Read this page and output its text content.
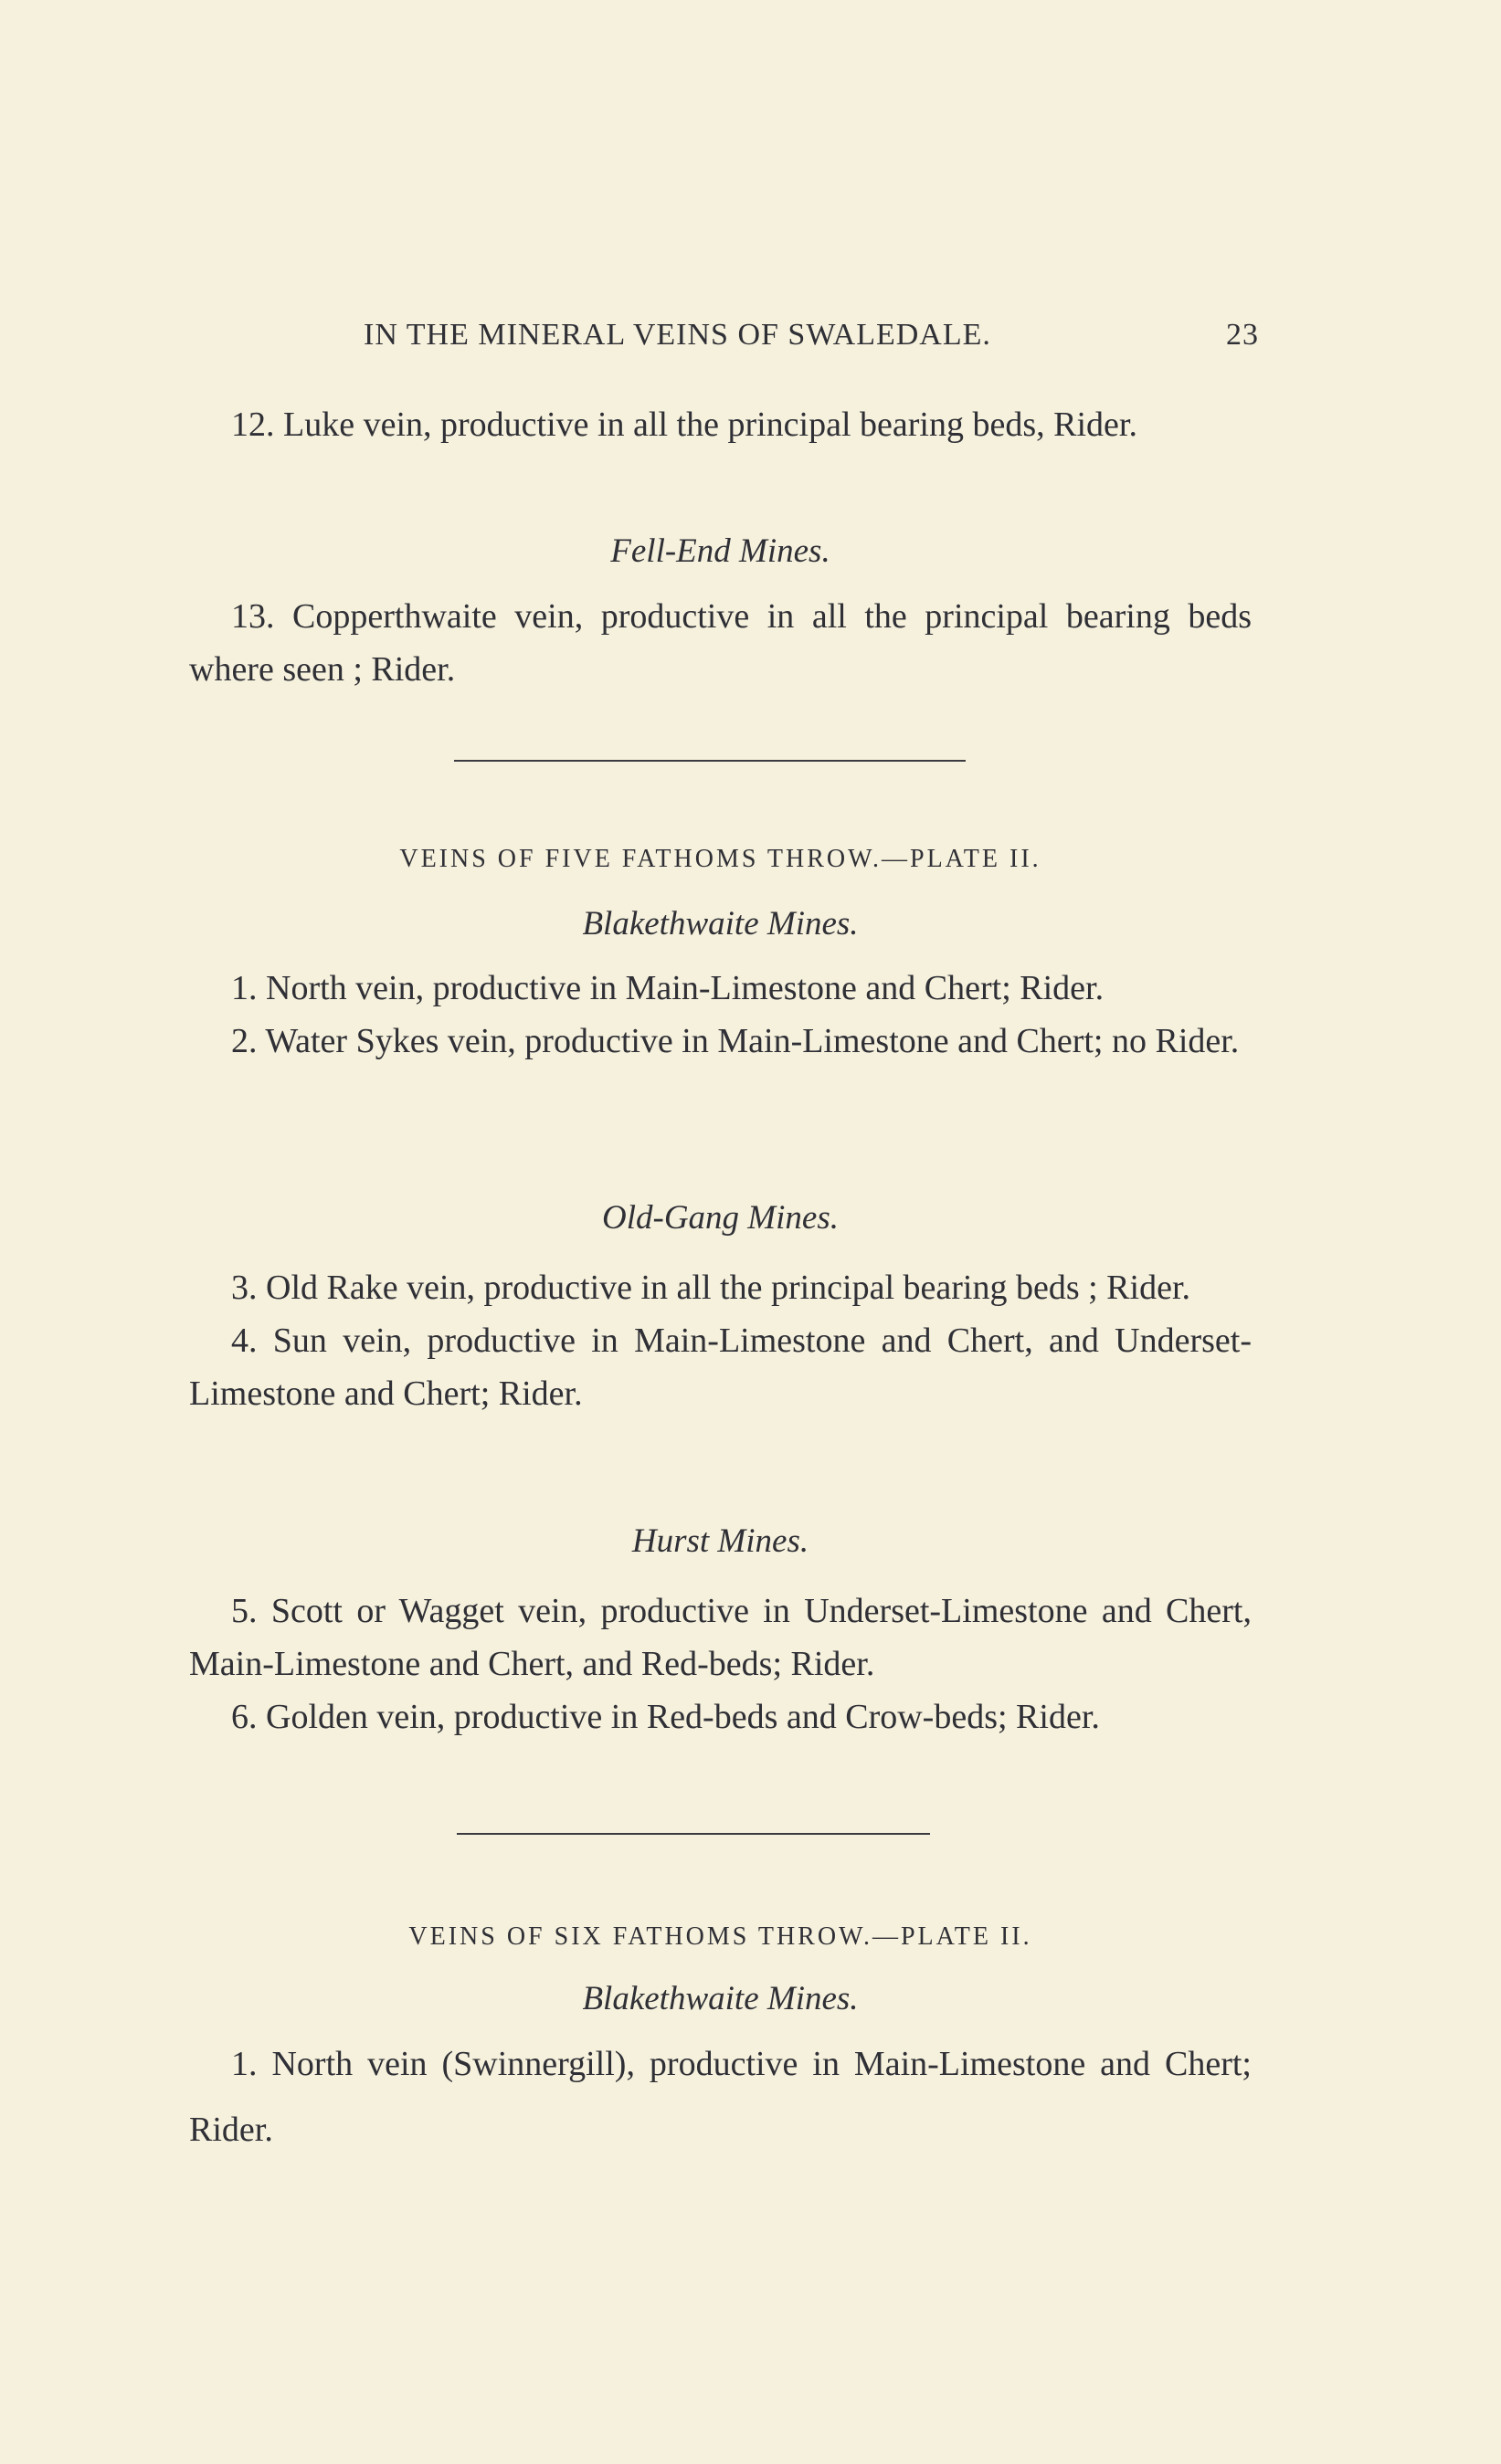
IN THE MINERAL VEINS OF SWALEDALE.	23

12. Luke vein, productive in all the principal bearing beds, Rider.

Fell-End Mines.

13. Copperthwaite vein, productive in all the principal bearing beds where seen ; Rider.

VEINS OF FIVE FATHOMS THROW.—PLATE II.
Blakethwaite Mines.

1. North vein, productive in Main-Limestone and Chert; Rider.

2. Water Sykes vein, productive in Main-Limestone and Chert; no Rider.

Old-Gang Mines.

3. Old Rake vein, productive in all the principal bearing beds ; Rider.

4. Sun vein, productive in Main-Limestone and Chert, and Underset-Limestone and Chert; Rider.

Hurst Mines.

5. Scott or Wagget vein, productive in Underset-Limestone and Chert, Main-Limestone and Chert, and Red-beds; Rider.

6. Golden vein, productive in Red-beds and Crow-beds; Rider.

VEINS OF SIX FATHOMS THROW.—PLATE II.
Blakethwaite Mines.

1. North vein (Swinnergill), productive in Main-Limestone and Chert; Rider.
